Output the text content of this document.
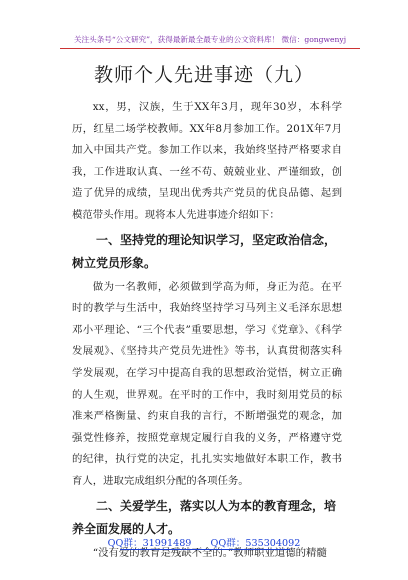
关注头条号“公文研究”，获得最新最全最专业的公文资料库！ 微信：gongwenyj
教师个人先进事迹（九）

xx，男，汉族，生于XX年3月，现年30岁，本科学历，红星二场学校教师。XX年8月参加工作。201X年7月加入中国共产党。参加工作以来，我始终坚持严格要求自我，工作进取认真、一丝不苟、兢兢业业、严谨细致，创造了优异的成绩，呈现出优秀共产党员的优良品德、起到模范带头作用。现将本人先进事迹介绍如下：

一、坚持党的理论知识学习，坚定政治信念，树立党员形象。

做为一名教师，必须做到学高为师，身正为范。在平时的教学与生活中，我始终坚持学习马列主义毛泽东思想邓小平理论、“三个代表”重要思想，学习《党章》、《科学发展观》、《坚持共产党员先进性》等书，认真贯彻落实科学发展观，在学习中提高自我的思想政治觉悟，树立正确的人生观，世界观。在平时的工作中，我时刻用党员的标准来严格衡量、约束自我的言行，不断增强党的观念，加强党性修养，按照党章规定履行自我的义务，严格遵守党的纪律，执行党的决定，扎扎实实地做好本职工作，教书育人，进取完成组织分配的各项任务。

二、关爱学生，落实以人为本的教育理念，培养全面发展的人才。

“没有爱的教育是残缺不全的。”教师职业道德的精髓

QQ群：31991489 QQ群：535304092
